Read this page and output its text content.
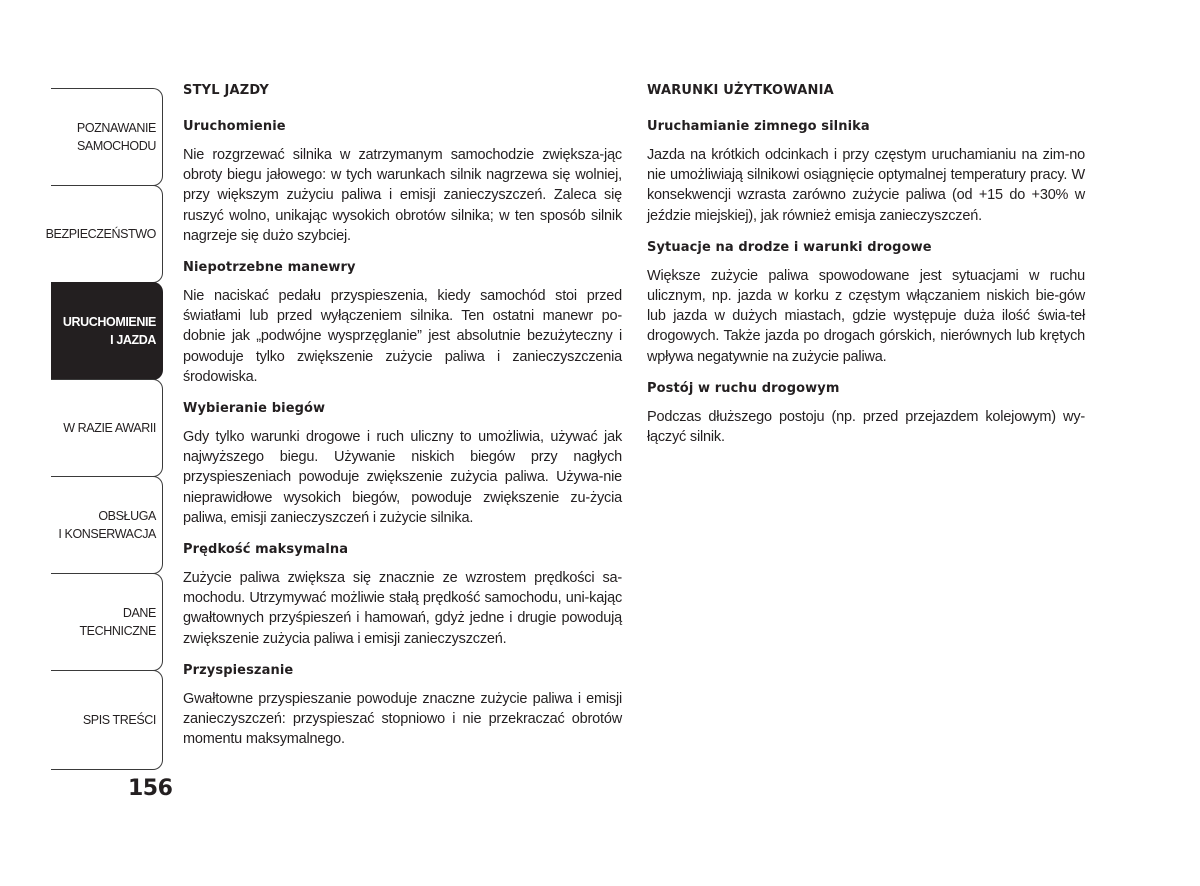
POZNAWANIE
SAMOCHODU
BEZPIECZEŃSTWO
URUCHOMIENIE
I JAZDA
W RAZIE AWARII
OBSŁUGA
I KONSERWACJA
DANE
TECHNICZNE
SPIS TREŚCI
156
STYL JAZDY
Uruchomienie
Nie rozgrzewać silnika w zatrzymanym samochodzie zwiększa-jąc obroty biegu jałowego: w tych warunkach silnik nagrzewa się wolniej, przy większym zużyciu paliwa i emisji zanieczyszczeń. Zaleca się ruszyć wolno, unikając wysokich obrotów silnika; w ten sposób silnik nagrzeje się dużo szybciej.
Niepotrzebne manewry
Nie naciskać pedału przyspieszenia, kiedy samochód stoi przed światłami lub przed wyłączeniem silnika. Ten ostatni manewr po-dobnie jak „podwójne wysprzęglanie” jest absolutnie bezużyteczny i powoduje tylko zwiększenie zużycie paliwa i zanieczyszczenia środowiska.
Wybieranie biegów
Gdy tylko warunki drogowe i ruch uliczny to umożliwia, używać jak najwyższego biegu. Używanie niskich biegów przy nagłych przyspieszeniach powoduje zwiększenie zużycia paliwa. Używa-nie nieprawidłowe wysokich biegów, powoduje zwiększenie zu-życia paliwa, emisji zanieczyszczeń i zużycie silnika.
Prędkość maksymalna
Zużycie paliwa zwiększa się znacznie ze wzrostem prędkości sa-mochodu. Utrzymywać możliwie stałą prędkość samochodu, uni-kając gwałtownych przyśpieszeń i hamowań, gdyż jedne i drugie powodują zwiększenie zużycia paliwa i emisji zanieczyszczeń.
Przyspieszanie
Gwałtowne przyspieszanie powoduje znaczne zużycie paliwa i emisji zanieczyszczeń: przyspieszać stopniowo i nie przekraczać obrotów momentu maksymalnego.
WARUNKI UŻYTKOWANIA
Uruchamianie zimnego silnika
Jazda na krótkich odcinkach i przy częstym uruchamianiu na zim-no nie umożliwiają silnikowi osiągnięcie optymalnej temperatury pracy. W konsekwencji wzrasta zarówno zużycie paliwa (od +15 do +30% w jeździe miejskiej), jak również emisja zanieczyszczeń.
Sytuacje na drodze i warunki drogowe
Większe zużycie paliwa spowodowane jest sytuacjami w ruchu ulicznym, np. jazda w korku z częstym włączaniem niskich bie-gów lub jazda w dużych miastach, gdzie występuje duża ilość świa-teł drogowych. Także jazda po drogach górskich, nierównych lub krętych wpływa negatywnie na zużycie paliwa.
Postój w ruchu drogowym
Podczas dłuższego postoju (np. przed przejazdem kolejowym) wy-łączyć silnik.
